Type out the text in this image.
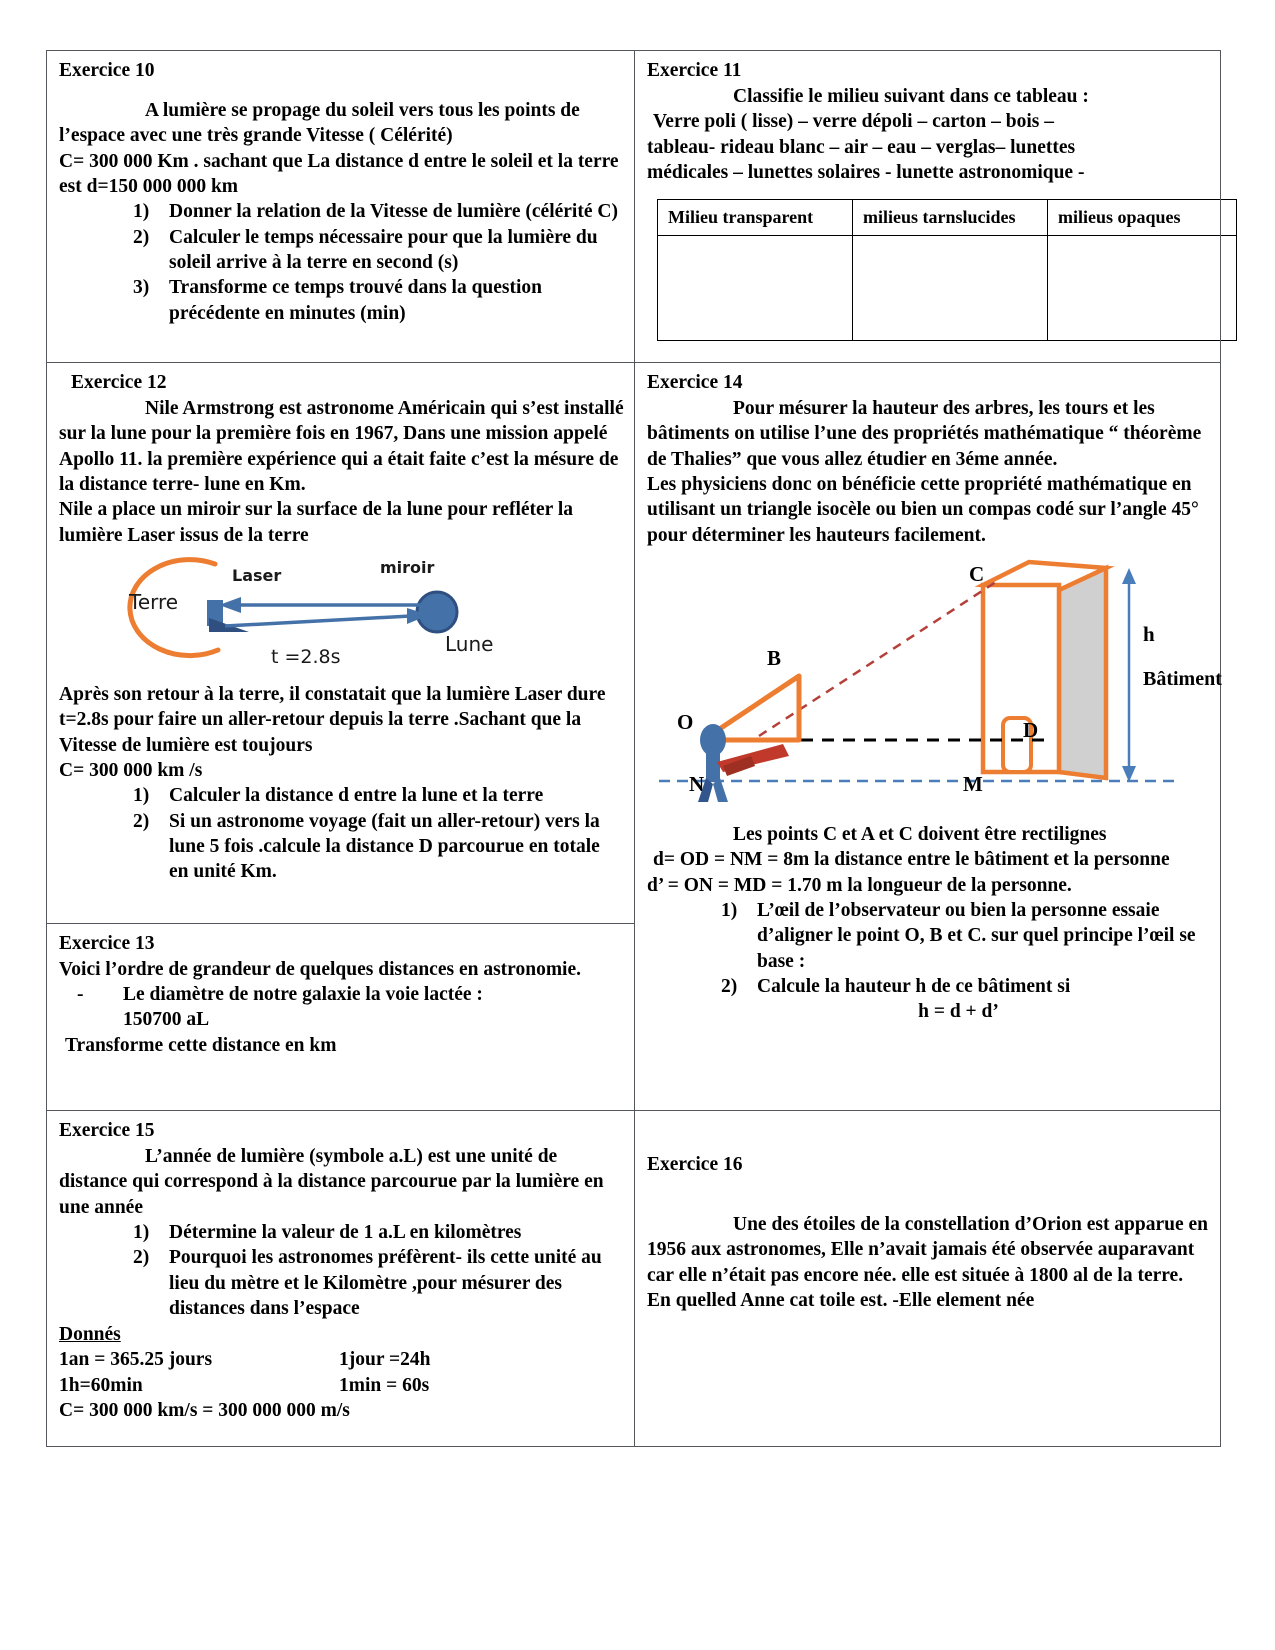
Exercice 10

A lumière se propage du soleil vers tous les points de l’espace avec une très grande Vitesse ( Célérité)

C= 300 000 Km . sachant que La distance d entre le soleil et la terre est d=150 000 000 km

1) Donner la relation de la Vitesse de lumière (célérité C)
2) Calculer le temps nécessaire pour que la lumière du soleil arrive à la terre en second (s)
3) Transforme ce temps trouvé dans la question précédente en minutes (min)

Exercice 11

Classifie le milieu suivant dans ce tableau :

Verre poli ( lisse) – verre dépoli – carton – bois –

tableau- rideau blanc – air – eau – verglas– lunettes

médicales – lunettes solaires - lunette astronomique -

Milieu transparent	milieus tarnslucides	milieus opaques

Exercice 12

Nile Armstrong est astronome Américain qui s’est installé sur la lune pour la première fois en 1967, Dans une mission appelé Apollo 11. la première expérience qui a était faite c’est la mésure de la distance terre- lune en Km.

Nile a place un miroir sur la surface de la lune pour refléter la lumière Laser issus de la terre

Terre
Laser	miroir
Lune
t =2.8s

Après son retour à la terre, il constatait que la lumière Laser dure t=2.8s pour faire un aller-retour depuis la terre .Sachant que la Vitesse de lumière est toujours

C= 300 000 km /s

1) Calculer la distance d entre la lune et la terre
2) Si un astronome voyage (fait un aller-retour) vers la lune 5 fois .calcule la distance D parcourue en totale en unité Km.

Exercice 14

Pour mésurer la hauteur des arbres, les tours et les bâtiments on utilise l’une des propriétés mathématique “ théorème de Thalies” que vous allez étudier en 3éme année.

Les physiciens donc on bénéficie cette propriété mathématique en utilisant un triangle isocèle ou bien un compas codé sur l’angle 45° pour déterminer les hauteurs facilement.

C
B
O	D
N	M
h
Bâtiment

Les points C et A et C doivent être rectilignes

d= OD = NM = 8m la distance entre le bâtiment et la personne

d’ = ON = MD = 1.70 m la longueur de la personne.

1) L’œil de l’observateur ou bien la personne essaie d’aligner le point O, B et C. sur quel principe l’œil se base :
2) Calcule la hauteur h de ce bâtiment si

h = d + d’

Exercice 13

Voici l’ordre de grandeur de quelques distances en astronomie.

- Le diamètre de notre galaxie la voie lactée :
150700 aL

Transforme cette distance en km

Exercice 15

L’année de lumière (symbole a.L) est une unité de distance qui correspond à la distance parcourue par la lumière en une année

1) Détermine la valeur de 1 a.L en kilomètres
2) Pourquoi les astronomes préfèrent- ils cette unité au lieu du mètre et le Kilomètre ,pour mésurer des distances dans l’espace

Donnés

1an = 365.25 jours	1jour =24h
1h=60min	1min = 60s
C= 300 000 km/s = 300 000 000 m/s

Exercice 16

Une des étoiles de la constellation d’Orion est apparue en 1956 aux astronomes, Elle n’avait jamais été observée auparavant car elle n’était pas encore née. elle est située à 1800 al de la terre. En quelled Anne cat toile est. -Elle element née
